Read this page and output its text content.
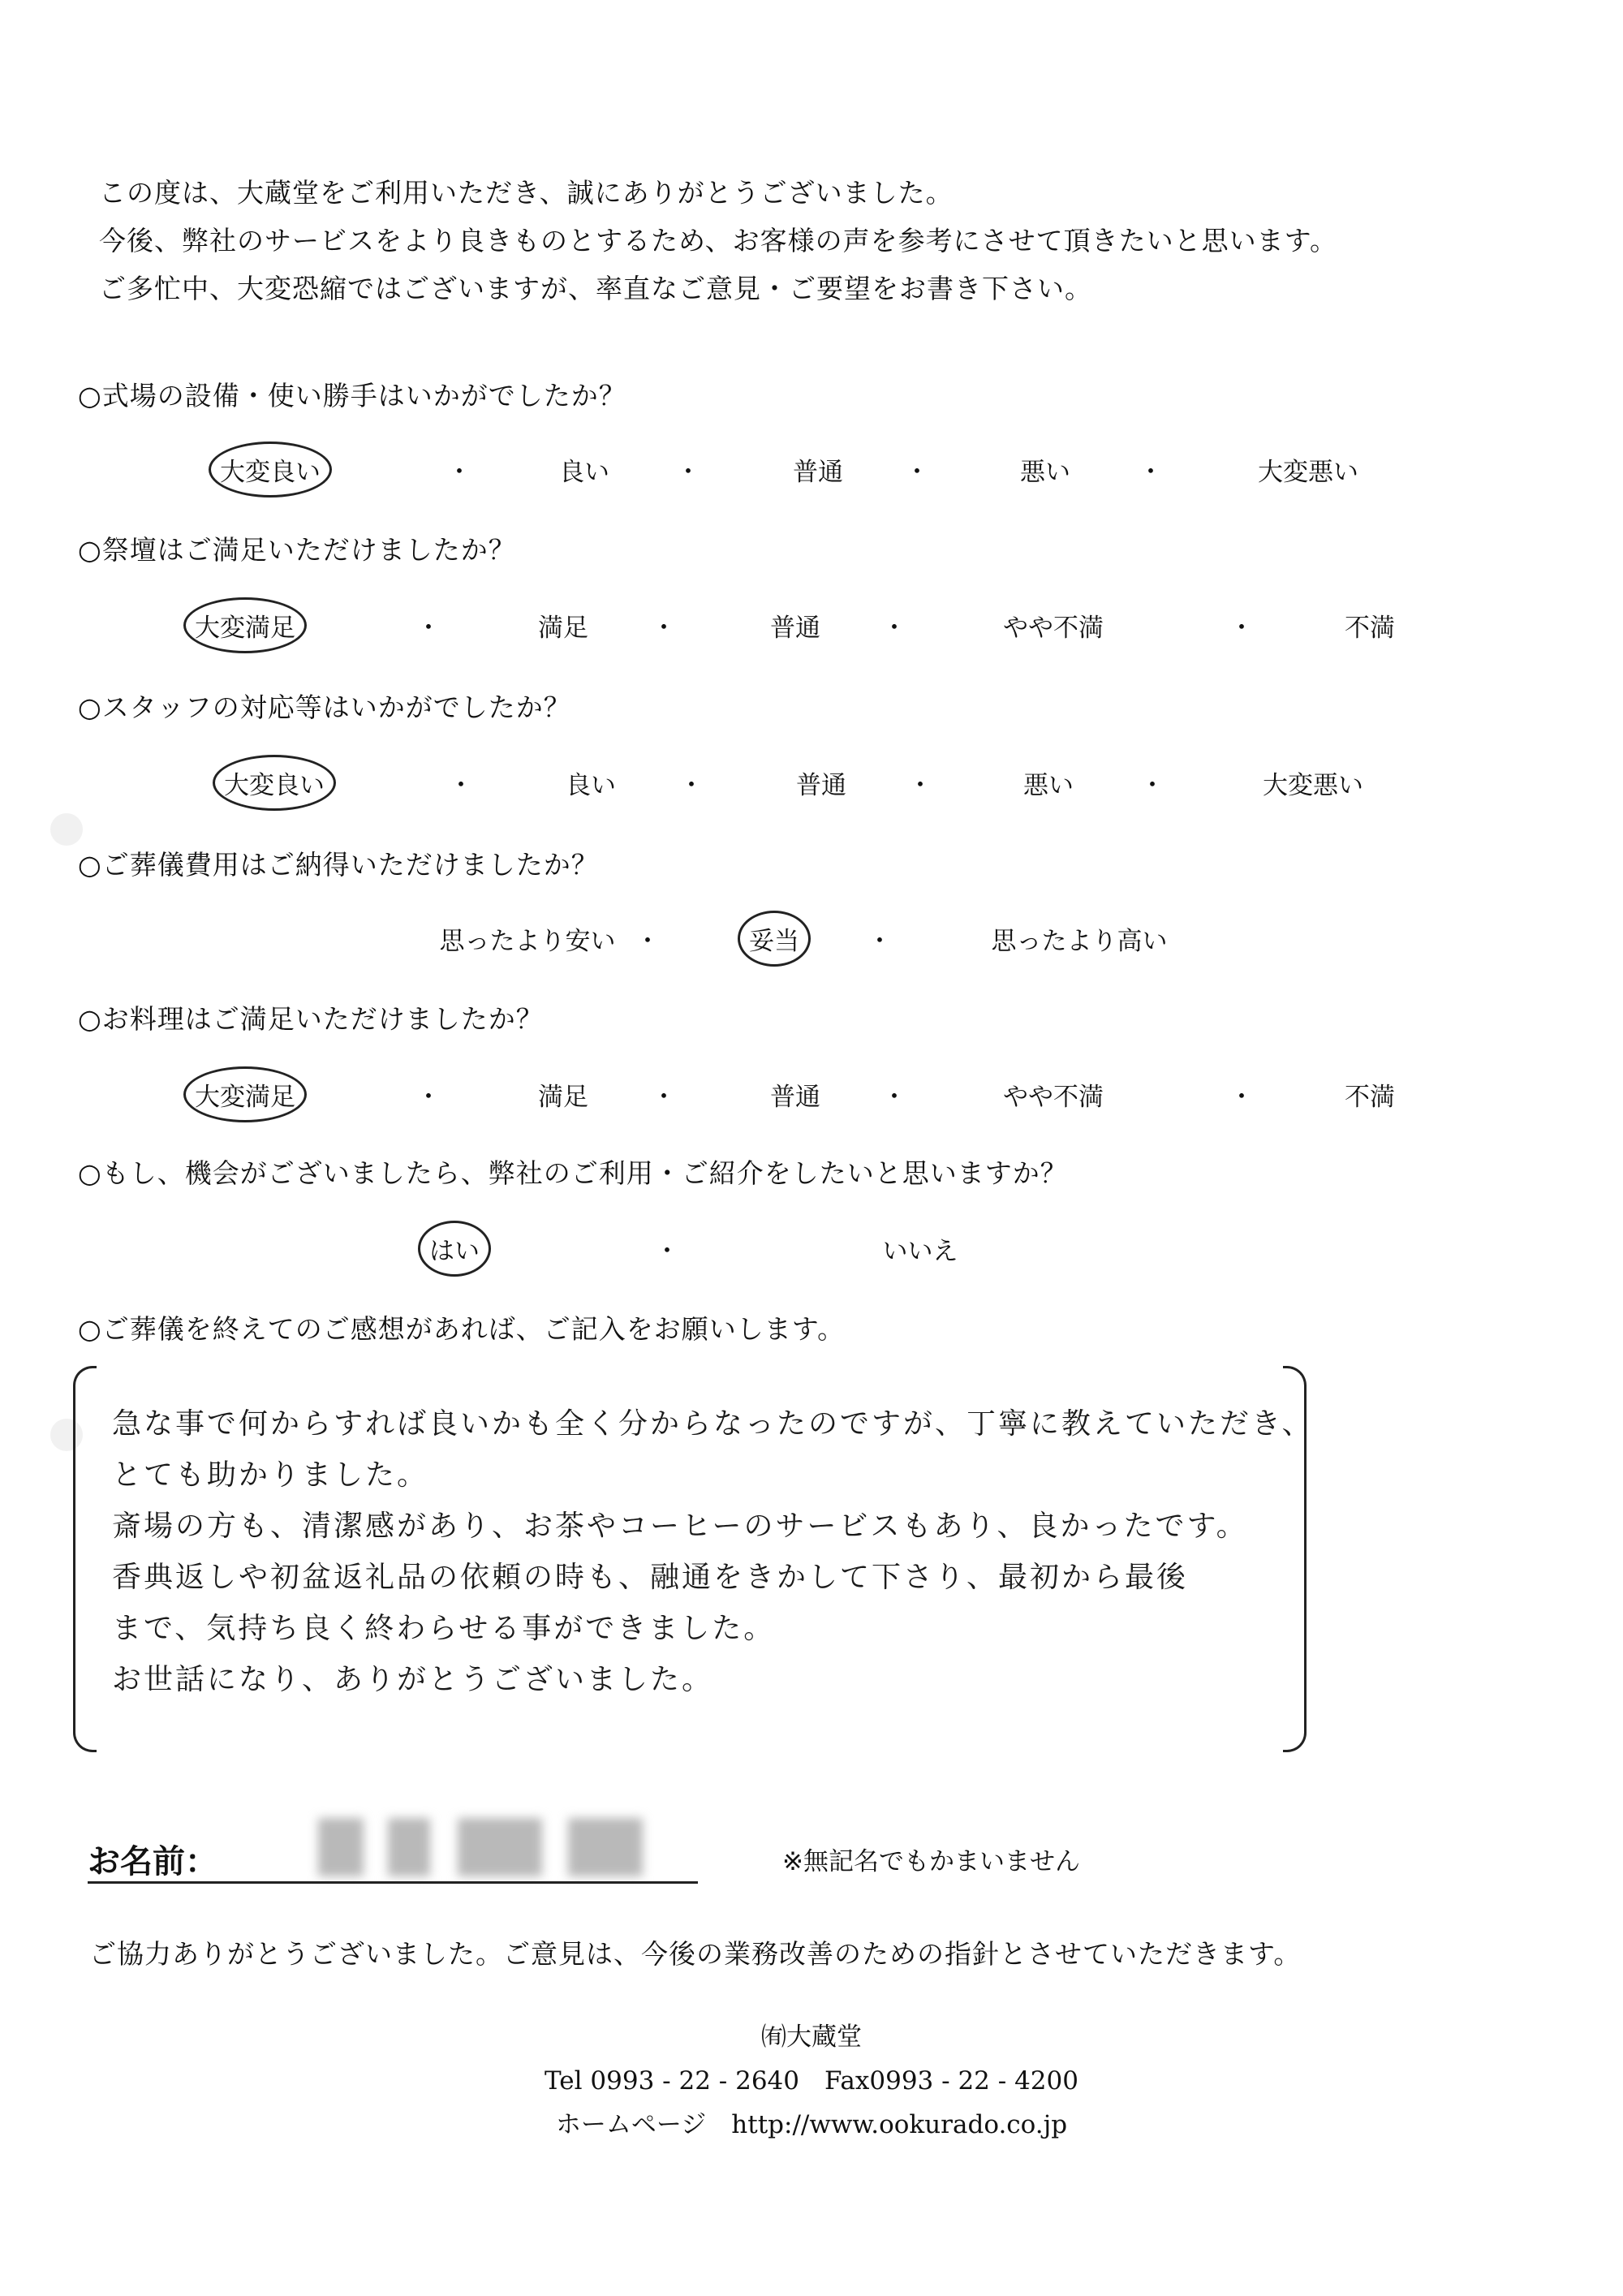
この度は、大蔵堂をご利用いただき、誠にありがとうございました。
今後、弊社のサービスをより良きものとするため、お客様の声を参考にさせて頂きたいと思います。
ご多忙中、大変恐縮ではございますが、率直なご意見・ご要望をお書き下さい。
○式場の設備・使い勝手はいかがでしたか？
大変良い	・	良い	・	普通 ・	悪い	・	大変悪い
○祭壇はご満足いただけましたか？
大変満足	・	満足	・	普通 ・	やや不満	・	不満
○スタッフの対応等はいかがでしたか？
大変良い	・	良い	・	普通 ・	悪い	・	大変悪い
○ご葬儀費用はご納得いただけましたか？
思ったより安い ・	妥当	・	思ったより高い
○お料理はご満足いただけましたか？
大変満足	・	満足	・	普通 ・	やや不満	・	不満
○もし、機会がございましたら、弊社のご利用・ご紹介をしたいと思いますか？
はい	・	いいえ
○ご葬儀を終えてのご感想があれば、ご記入をお願いします。
急な事で何からすれば良いかも全く分からなったのですが、丁寧に教えていただき、
とても助かりました。
斎場の方も、清潔感があり、お茶やコーヒーのサービスもあり、良かったです。
香典返しや初盆返礼品の依頼の時も、融通をきかして下さり、最初から最後
まで、気持ち良く終わらせる事ができました。
お世話になり、ありがとうございました。
お名前：	※無記名でもかまいません
ご協力ありがとうございました。ご意見は、今後の業務改善のための指針とさせていただきます。
㈲大蔵堂
Tel 0993 - 22 - 2640　Fax0993 - 22 - 4200
ホームページ　http://www.ookurado.co.jp
